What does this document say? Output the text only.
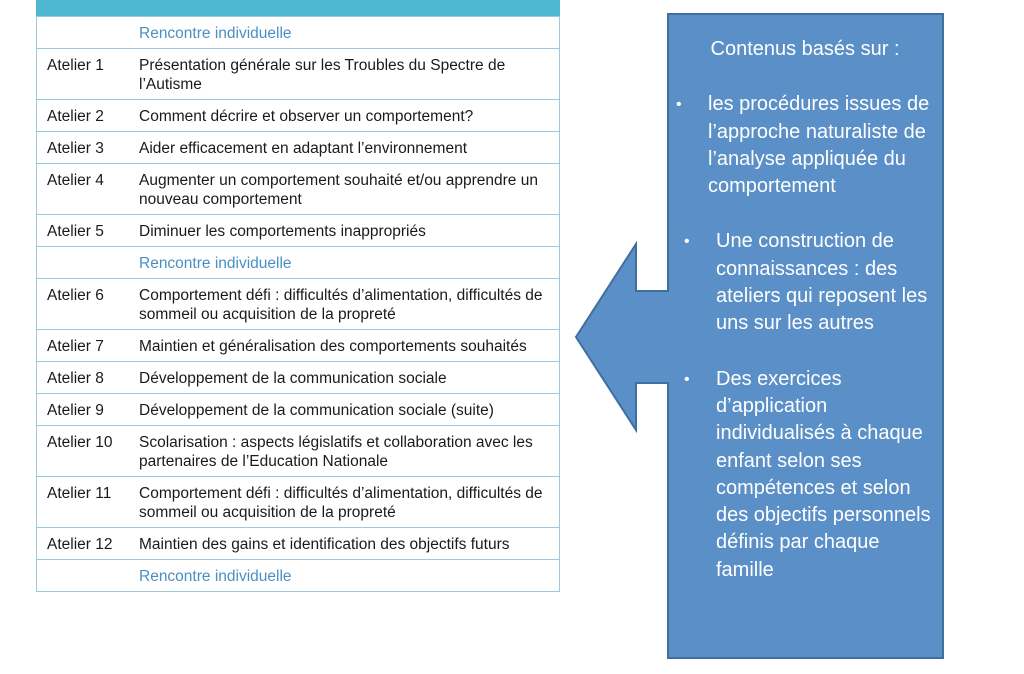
	Rencontre individuelle
Atelier 1	Présentation générale sur les Troubles du Spectre de l’Autisme
Atelier 2	Comment décrire et observer un comportement?
Atelier 3	Aider efficacement en adaptant l’environnement
Atelier 4	Augmenter un comportement souhaité et/ou apprendre un nouveau comportement
Atelier 5	Diminuer les comportements inappropriés
	Rencontre individuelle
Atelier 6	Comportement défi : difficultés d’alimentation, difficultés de sommeil ou acquisition de la propreté
Atelier 7	Maintien et généralisation des comportements souhaités
Atelier 8	Développement de la communication sociale
Atelier 9	Développement de la communication sociale (suite)
Atelier 10	Scolarisation : aspects législatifs et collaboration avec les partenaires de l’Education Nationale
Atelier 11	Comportement défi : difficultés d’alimentation, difficultés de sommeil ou acquisition de la propreté
Atelier 12	Maintien des gains et identification des objectifs futurs
	Rencontre individuelle
Contenus basés sur :
• les procédures issues de l’approche naturaliste de l’analyse appliquée du comportement
• Une construction de connaissances : des ateliers qui reposent les uns sur les autres
• Des exercices d’application individualisés à chaque enfant selon ses compétences et selon des objectifs personnels définis par chaque famille
